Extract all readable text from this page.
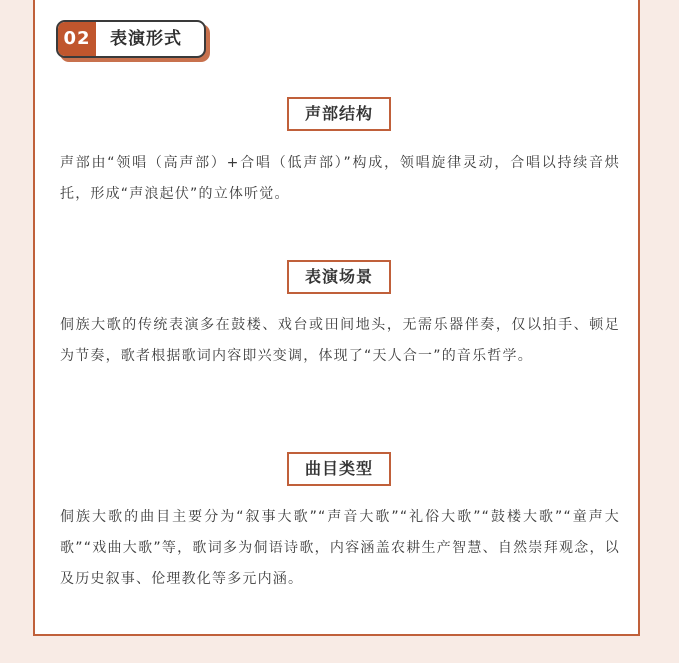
02	表演形式
声部结构

声部由“领唱（高声部）+合唱（低声部）”构成，领唱旋律灵动，合唱以持续音烘托，形成“声浪起伏”的立体听觉。

表演场景

侗族大歌的传统表演多在鼓楼、戏台或田间地头，无需乐器伴奏，仅以拍手、顿足为节奏，歌者根据歌词内容即兴变调，体现了“天人合一”的音乐哲学。

曲目类型

侗族大歌的曲目主要分为“叙事大歌”“声音大歌”“礼俗大歌”“鼓楼大歌”“童声大歌”“戏曲大歌”等，歌词多为侗语诗歌，内容涵盖农耕生产智慧、自然崇拜观念，以及历史叙事、伦理教化等多元内涵。
